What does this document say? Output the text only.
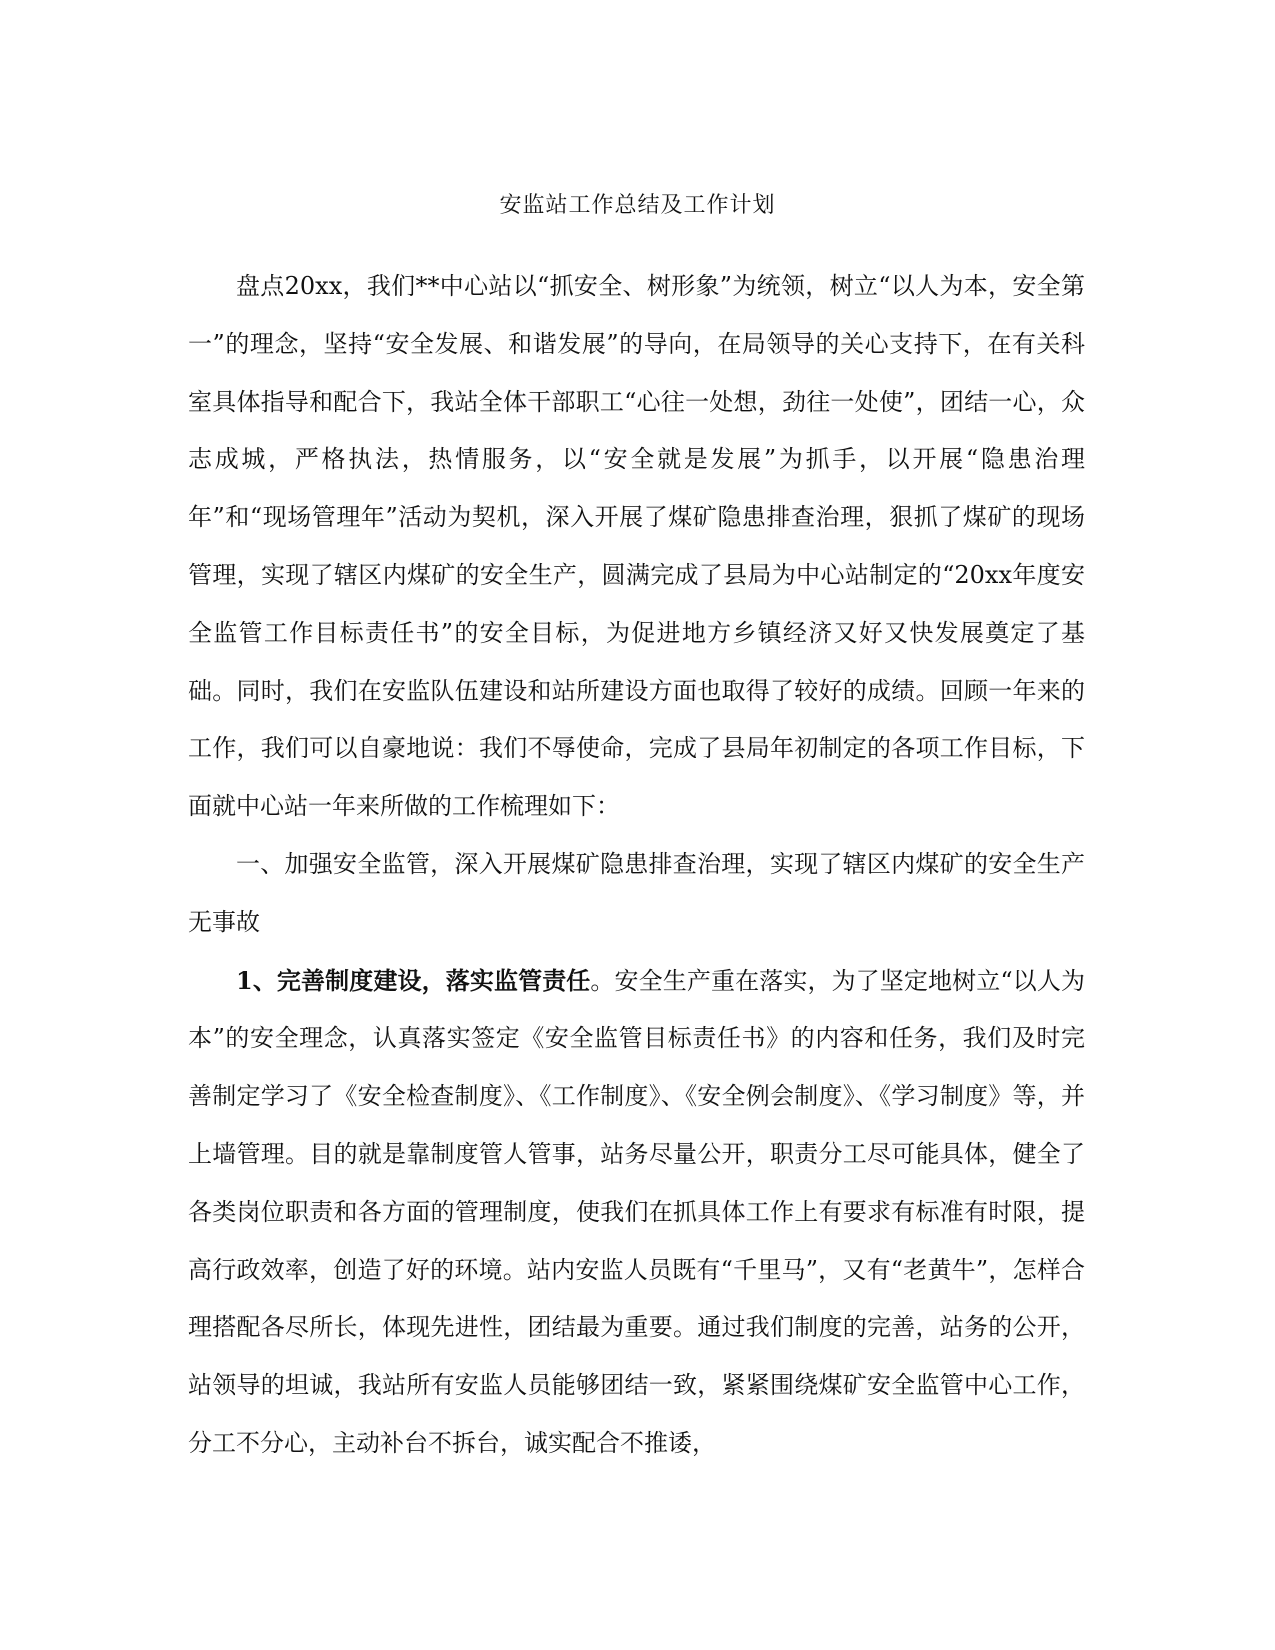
安监站工作总结及工作计划

盘点20xx，我们**中心站以“抓安全、树形象”为统领，树立“以人为本，安全第一”的理念，坚持“安全发展、和谐发展”的导向，在局领导的关心支持下，在有关科室具体指导和配合下，我站全体干部职工“心往一处想，劲往一处使”，团结一心，众志成城，严格执法，热情服务，以“安全就是发展”为抓手，以开展“隐患治理年”和“现场管理年”活动为契机，深入开展了煤矿隐患排查治理，狠抓了煤矿的现场管理，实现了辖区内煤矿的安全生产，圆满完成了县局为中心站制定的“20xx年度安全监管工作目标责任书”的安全目标，为促进地方乡镇经济又好又快发展奠定了基础。同时，我们在安监队伍建设和站所建设方面也取得了较好的成绩。回顾一年来的工作，我们可以自豪地说：我们不辱使命，完成了县局年初制定的各项工作目标，下面就中心站一年来所做的工作梳理如下：

一、加强安全监管，深入开展煤矿隐患排查治理，实现了辖区内煤矿的安全生产无事故

1、完善制度建设，落实监管责任。安全生产重在落实，为了坚定地树立“以人为本”的安全理念，认真落实签定《安全监管目标责任书》的内容和任务，我们及时完善制定学习了《安全检查制度》、《工作制度》、《安全例会制度》、《学习制度》等，并上墙管理。目的就是靠制度管人管事，站务尽量公开，职责分工尽可能具体，健全了各类岗位职责和各方面的管理制度，使我们在抓具体工作上有要求有标准有时限，提高行政效率，创造了好的环境。站内安监人员既有“千里马”，又有“老黄牛”，怎样合理搭配各尽所长，体现先进性，团结最为重要。通过我们制度的完善，站务的公开，站领导的坦诚，我站所有安监人员能够团结一致，紧紧围绕煤矿安全监管中心工作，分工不分心，主动补台不拆台，诚实配合不推诿，
